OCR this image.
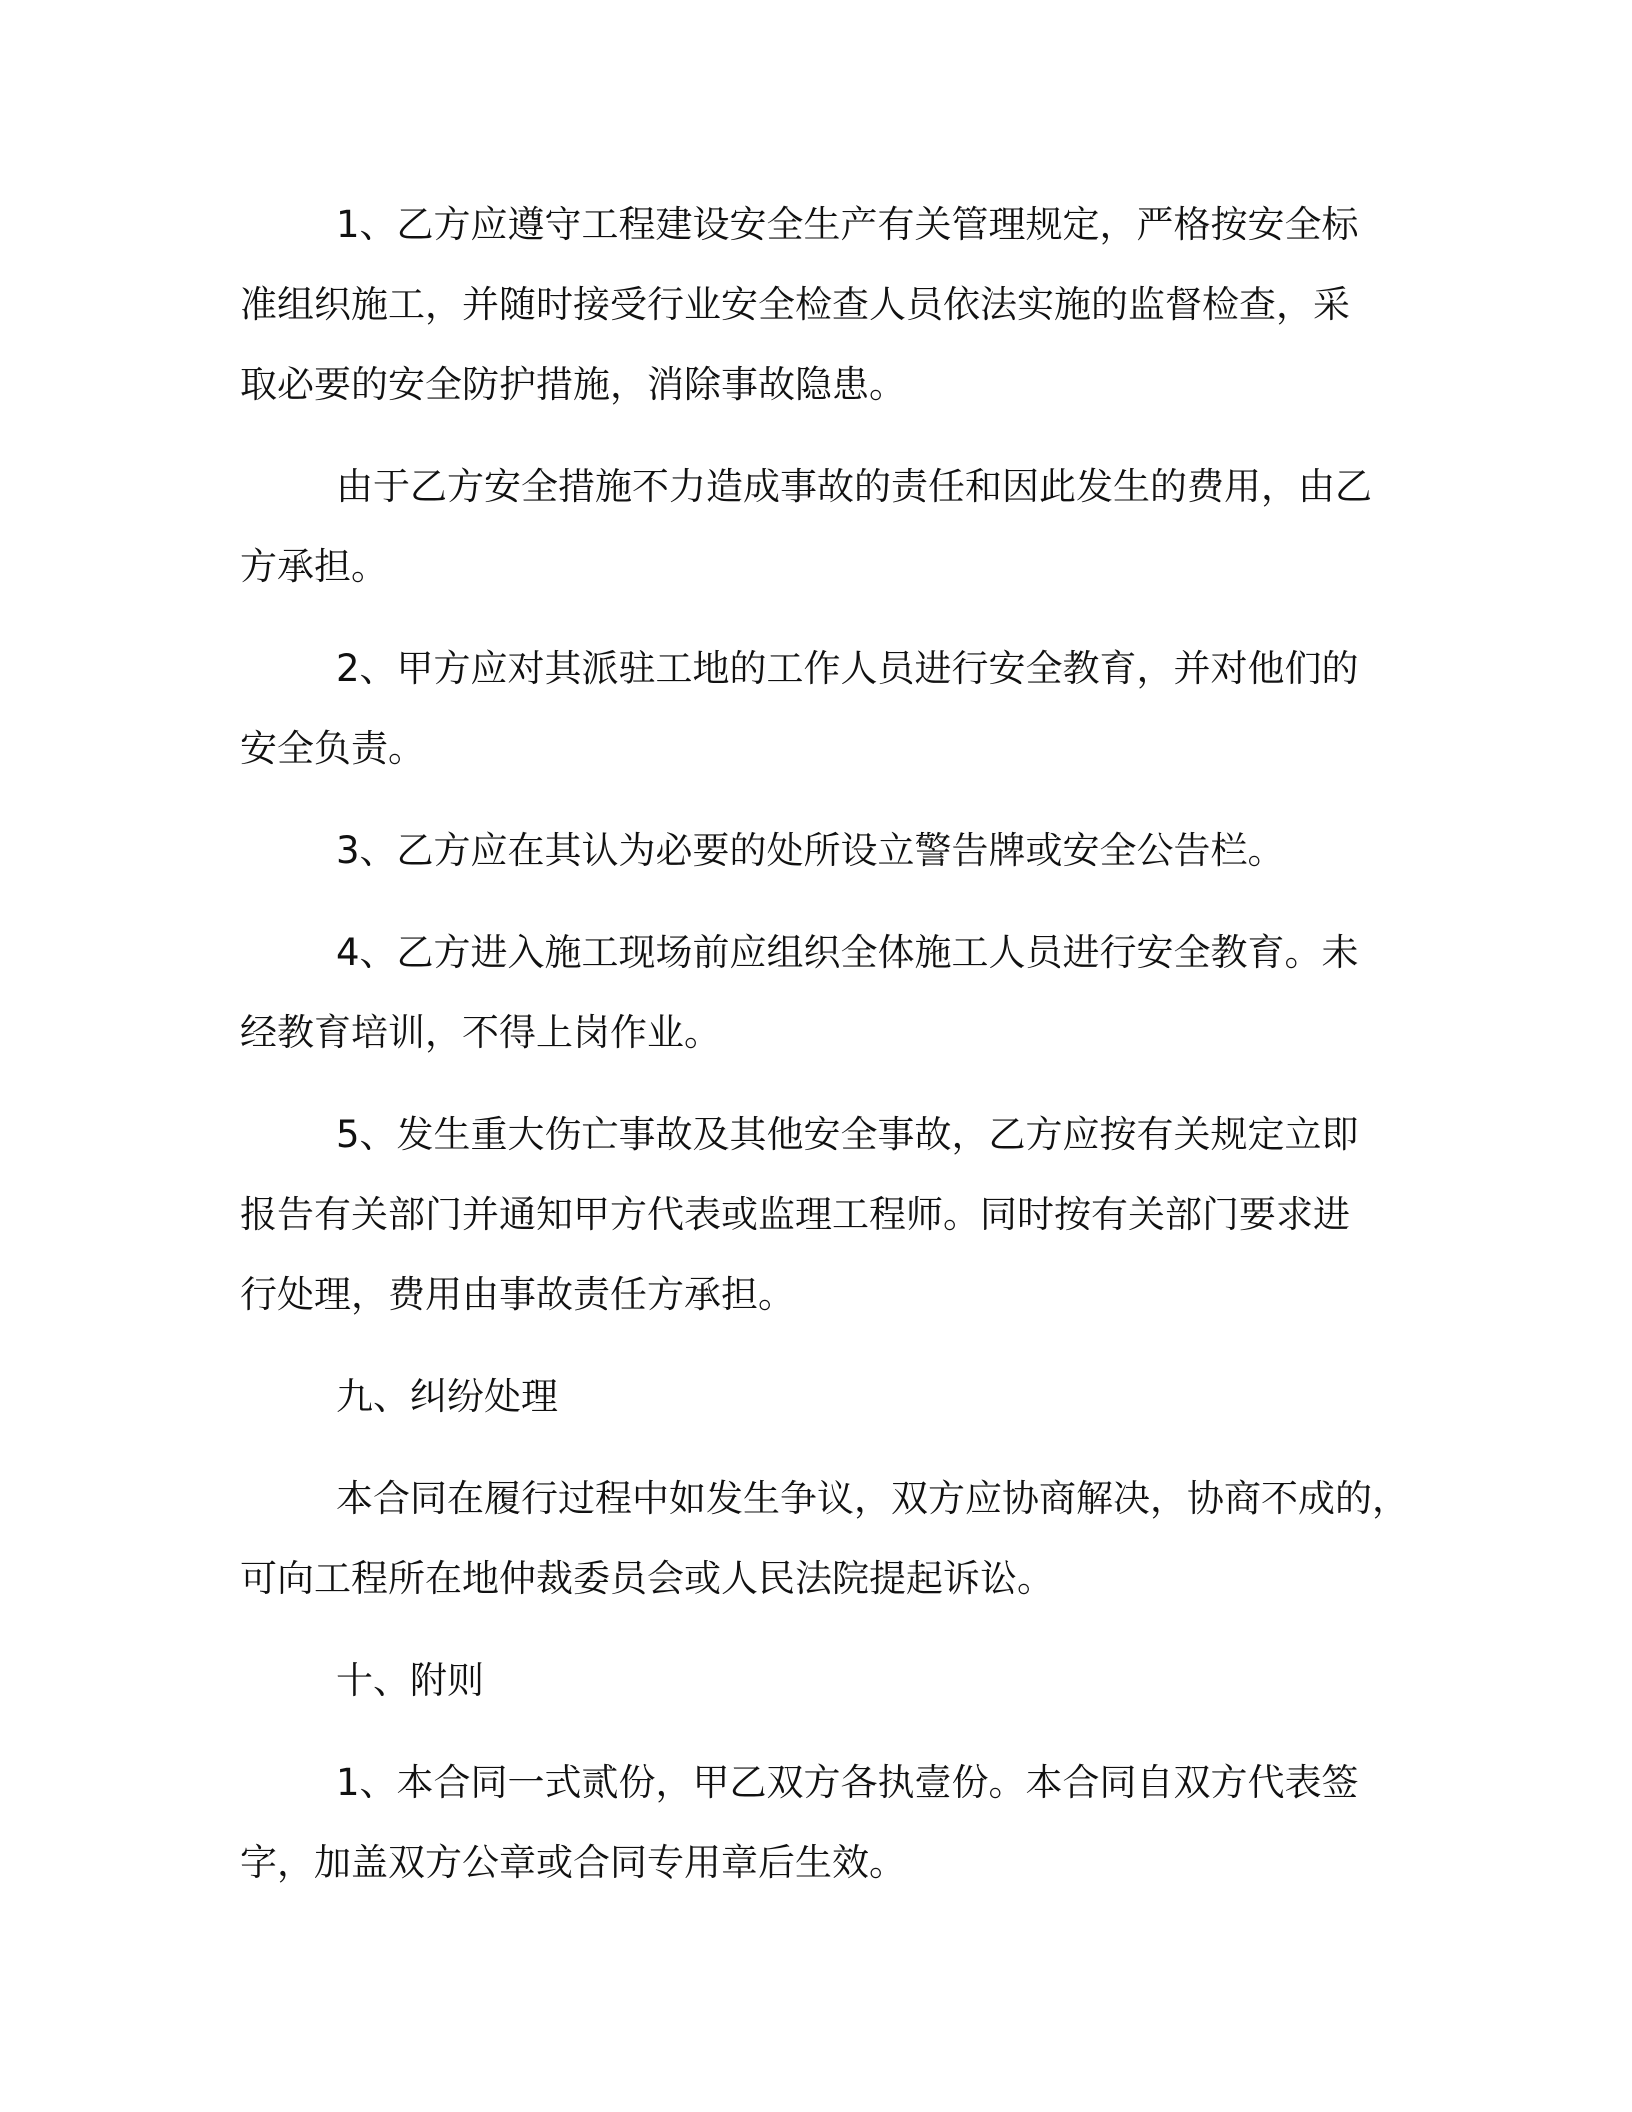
1、乙方应遵守工程建设安全生产有关管理规定，严格按安全标
准组织施工，并随时接受行业安全检查人员依法实施的监督检查，采
取必要的安全防护措施，消除事故隐患。

由于乙方安全措施不力造成事故的责任和因此发生的费用，由乙
方承担。

2、甲方应对其派驻工地的工作人员进行安全教育，并对他们的
安全负责。

3、乙方应在其认为必要的处所设立警告牌或安全公告栏。

4、乙方进入施工现场前应组织全体施工人员进行安全教育。未
经教育培训，不得上岗作业。

5、发生重大伤亡事故及其他安全事故，乙方应按有关规定立即
报告有关部门并通知甲方代表或监理工程师。同时按有关部门要求进
行处理，费用由事故责任方承担。

九、纠纷处理

本合同在履行过程中如发生争议，双方应协商解决，协商不成的，
可向工程所在地仲裁委员会或人民法院提起诉讼。

十、附则

1、本合同一式贰份，甲乙双方各执壹份。本合同自双方代表签
字，加盖双方公章或合同专用章后生效。
